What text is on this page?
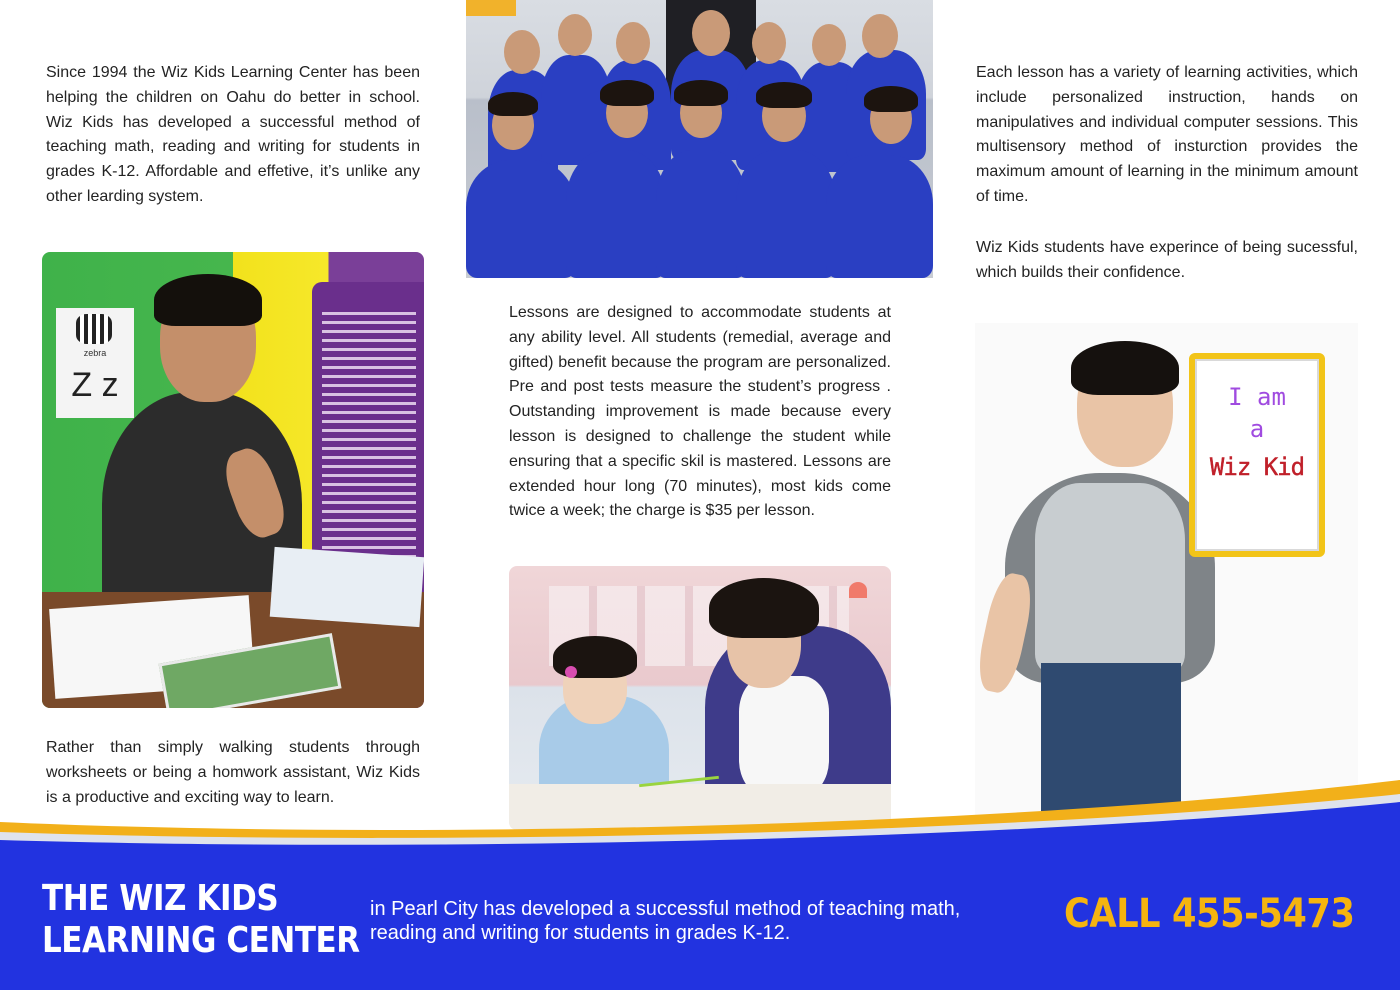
Since 1994 the Wiz Kids Learning Center has been helping the children on Oahu do better in school. Wiz Kids has developed a successful method of teaching math, reading and writing for students in grades K-12. Affordable and effetive, it’s unlike any other learding system.

zebra
Z z

Rather than simply walking students through worksheets or being a homwork assistant, Wiz Kids is a productive and exciting way to learn.

Lessons are designed to accommodate students at any ability level. All students (remedial, average and gifted) benefit because the program are personalized. Pre and post tests measure the student’s progress . Outstanding improvement is made because every lesson is designed to challenge the student while ensuring that a specific skil is mastered. Lessons are extended hour long (70 minutes), most kids come twice a week; the charge is $35 per lesson.

Each lesson has a variety of learning activities, which include personalized instruction, hands on manipulatives and individual computer sessions. This multisensory method of insturction provides the maximum amount of learning in the minimum amount of time.

Wiz Kids students have experince of being sucessful, which builds their confidence.

I am
a
Wiz Kid
THE WIZ KIDS
LEARNING CENTER

in Pearl City has developed a successful method of teaching math, reading and writing for students in grades K-12.	CALL 455-5473
